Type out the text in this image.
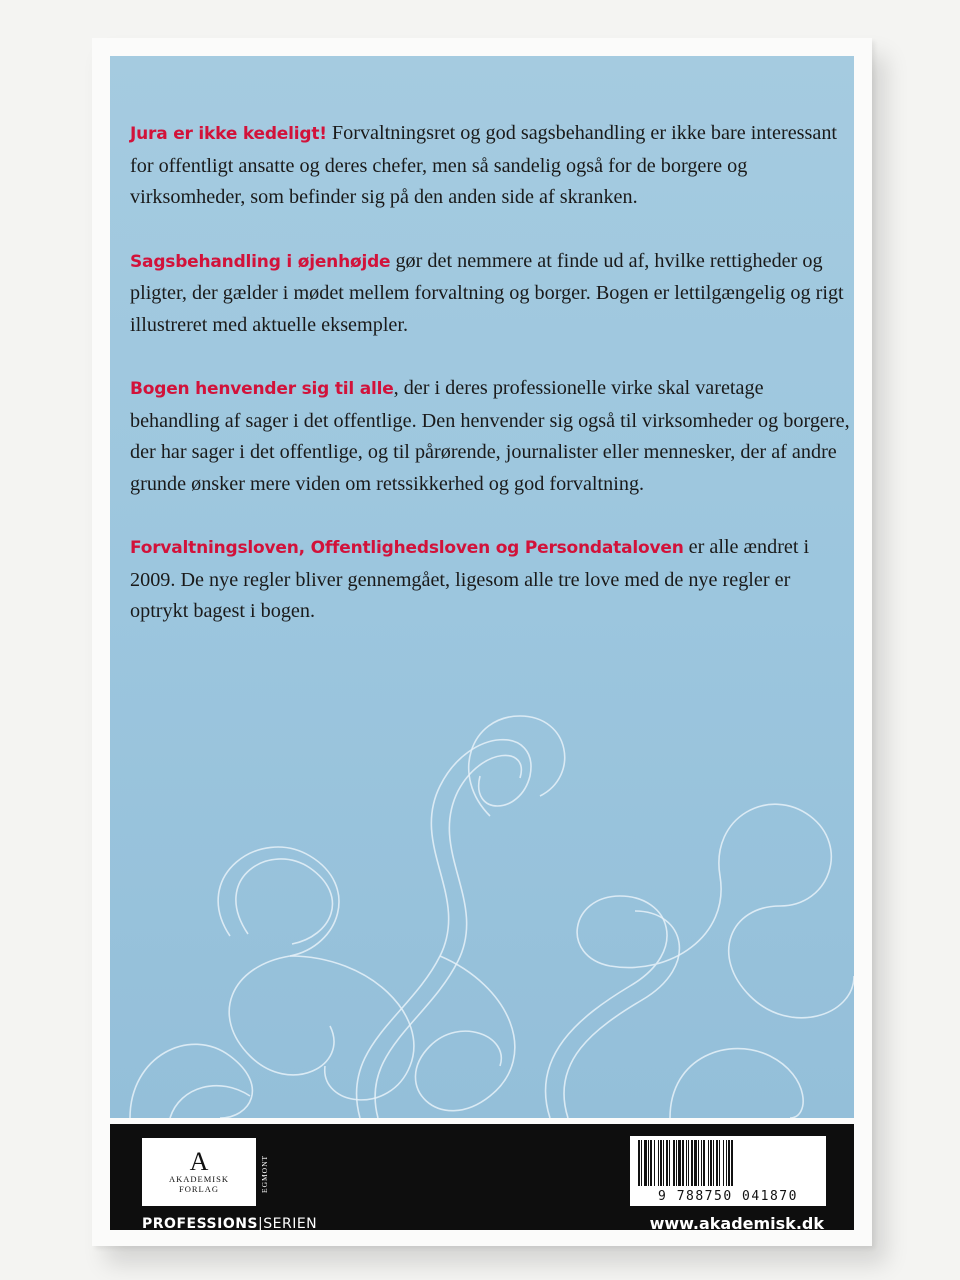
Jura er ikke kedeligt! Forvaltningsret og god sagsbehandling er ikke bare interessant for offentligt ansatte og deres chefer, men så sandelig også for de borgere og virksomheder, som befinder sig på den anden side af skranken.

Sagsbehandling i øjenhøjde gør det nemmere at finde ud af, hvilke rettigheder og pligter, der gælder i mødet mellem forvaltning og borger. Bogen er lettilgængelig og rigt illustreret med aktuelle eksempler.

Bogen henvender sig til alle, der i deres professionelle virke skal varetage behandling af sager i det offentlige. Den henvender sig også til virksomheder og borgere, der har sager i det offentlige, og til pårørende, journalister eller mennesker, der af andre grunde ønsker mere viden om retssikkerhed og god forvaltning.

Forvaltningsloven, Offentlighedsloven og Persondataloven er alle ændret i 2009. De nye regler bliver gennemgået, ligesom alle tre love med de nye regler er optrykt bagest i bogen.

A
AKADEMISK
FORLAG	EGMONT
PROFESSIONS|SERIEN
9 788750 041870
www.akademisk.dk
